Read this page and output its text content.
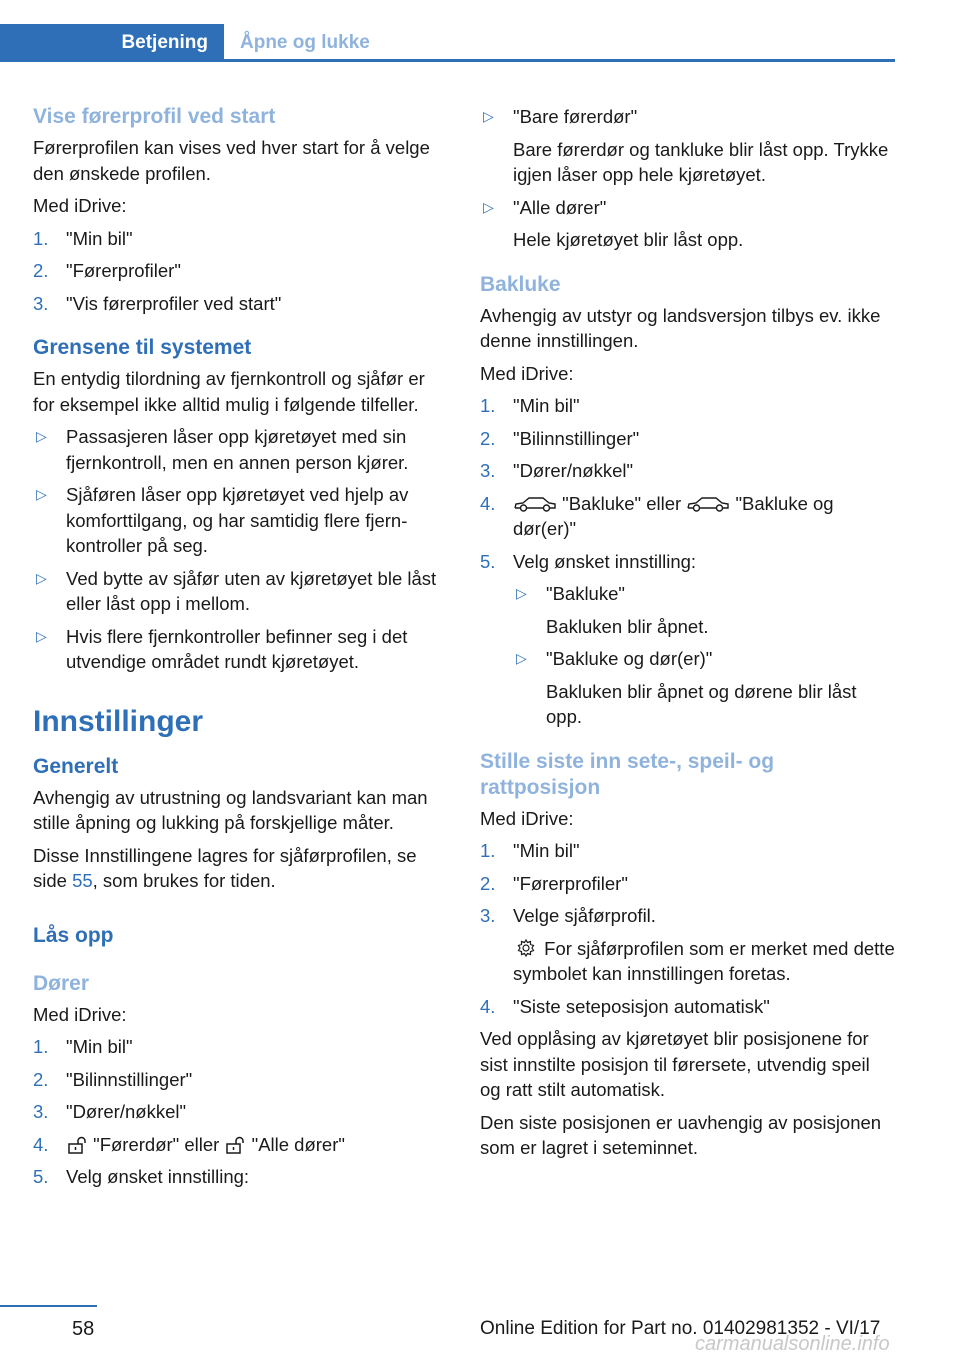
Betjening Åpne og lukke
Vise førerprofil ved start

Førerprofilen kan vises ved hver start for å velge den ønskede profilen.

Med iDrive:

1. "Min bil"
2. "Førerprofiler"
3. "Vis førerprofiler ved start"
Grensene til systemet

En entydig tilordning av fjernkontroll og sjåfør er for eksempel ikke alltid mulig i følgende tilfeller.

▷ Passasjeren låser opp kjøretøyet med sin fjernkontroll, men en annen person kjører.
▷ Sjåføren låser opp kjøretøyet ved hjelp av komforttilgang, og har samtidig flere fjernkontroller på seg.
▷ Ved bytte av sjåfør uten av kjøretøyet ble låst eller låst opp i mellom.
▷ Hvis flere fjernkontroller befinner seg i det utvendige området rundt kjøretøyet.
Innstillinger
Generelt

Avhengig av utrustning og landsvariant kan man stille åpning og lukking på forskjellige måter.

Disse Innstillingene lagres for sjåførprofilen, se side 55, som brukes for tiden.

Lås opp
Dører

Med iDrive:

1. "Min bil"
2. "Bilinnstillinger"
3. "Dører/nøkkel"
4. "Førerdør" eller "Alle dører"
5. Velg ønsket innstilling:
▷ "Bare førerdør"
Bare førerdør og tankluke blir låst opp. Trykke igjen låser opp hele kjøretøyet.
▷ "Alle dører"
Hele kjøretøyet blir låst opp.
Bakluke

Avhengig av utstyr og landsversjon tilbys ev. ikke denne innstillingen.

Med iDrive:

1. "Min bil"
2. "Bilinnstillinger"
3. "Dører/nøkkel"
4.	"Bakluke" eller	"Bakluke og dør(er)"
5. Velg ønsket innstilling:
▷ "Bakluke"
Bakluken blir åpnet.
▷ "Bakluke og dør(er)"
Bakluken blir åpnet og dørene blir låst opp.
Stille siste inn sete-, speil- og rattposisjon

Med iDrive:

1. "Min bil"
2. "Førerprofiler"
3. Velge sjåførprofil.
For sjåførprofilen som er merket med dette symbolet kan innstillingen foretas.
4. "Siste seteposisjon automatisk"

Ved opplåsing av kjøretøyet blir posisjonene for sist innstilte posisjon til førersete, utvendig speil og ratt stilt automatisk.

Den siste posisjonen er uavhengig av posisjonen som er lagret i seteminnet.

58	Online Edition for Part no. 01402981352 - VI/17
carmanualsonline.info
